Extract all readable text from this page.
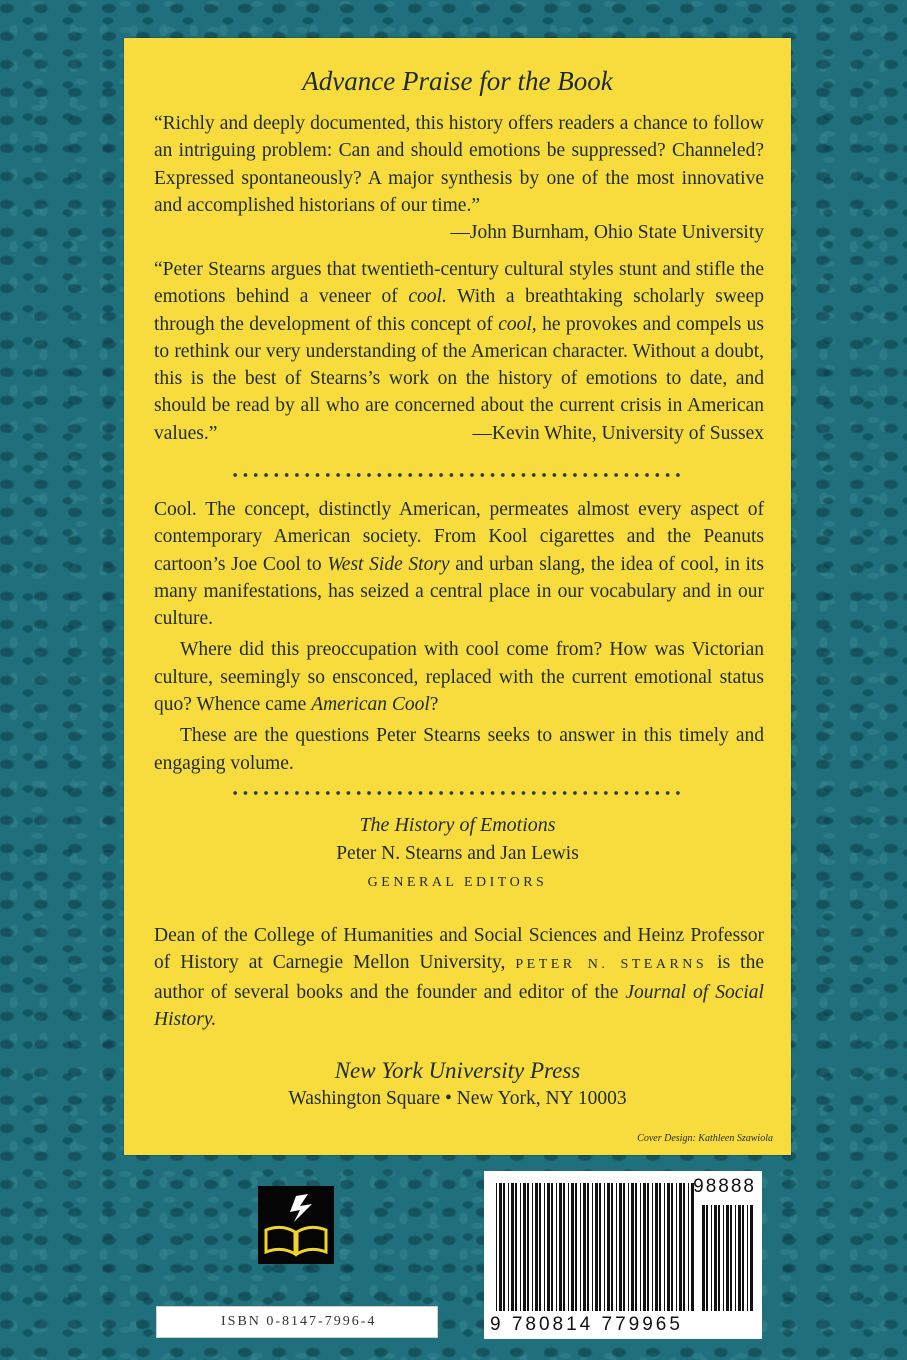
Advance Praise for the Book
“Richly and deeply documented, this history offers readers a chance to follow an intriguing problem: Can and should emotions be suppressed? Channeled? Expressed spontaneously? A major synthesis by one of the most innovative and accomplished historians of our time.”
—John Burnham, Ohio State University
“Peter Stearns argues that twentieth-century cultural styles stunt and stifle the emotions behind a veneer of cool. With a breathtaking scholarly sweep through the development of this concept of cool, he provokes and compels us to rethink our very understanding of the American character. Without a doubt, this is the best of Stearns’s work on the history of emotions to date, and should be read by all who are concerned about the current crisis in American values.”	—Kevin White, University of Sussex
Cool. The concept, distinctly American, permeates almost every aspect of contemporary American society. From Kool cigarettes and the Peanuts cartoon’s Joe Cool to West Side Story and urban slang, the idea of cool, in its many manifestations, has seized a central place in our vocabulary and in our culture.
Where did this preoccupation with cool come from? How was Victorian culture, seemingly so ensconced, replaced with the current emotional status quo? Whence came American Cool?
These are the questions Peter Stearns seeks to answer in this timely and engaging volume.
The History of Emotions
Peter N. Stearns and Jan Lewis
GENERAL EDITORS
Dean of the College of Humanities and Social Sciences and Heinz Professor of History at Carnegie Mellon University, PETER N. STEARNS is the author of several books and the founder and editor of the Journal of Social History.
New York University Press
Washington Square • New York, NY 10003
Cover Design: Kathleen Szawiola
ISBN 0-8147-7996-4
98888
9 780814 779965
